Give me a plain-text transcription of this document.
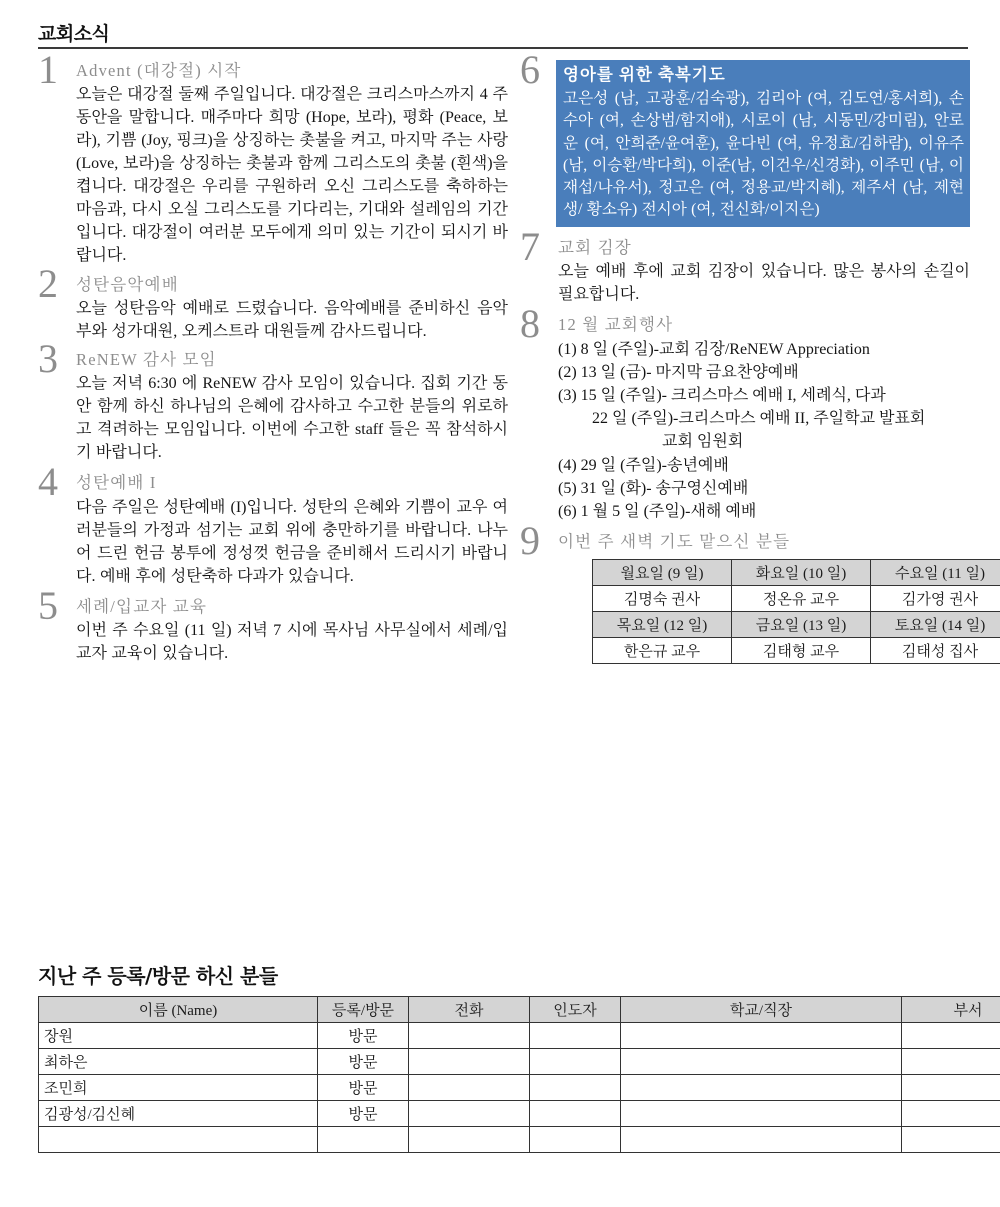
교회소식
1 Advent (대강절) 시작
오늘은 대강절 둘째 주일입니다. 대강절은 크리스마스까지 4 주동안을 말합니다. 매주마다 희망 (Hope, 보라), 평화 (Peace, 보라), 기쁨 (Joy, 핑크)을 상징하는 촛불을 켜고, 마지막 주는 사랑 (Love, 보라)을 상징하는 촛불과 함께 그리스도의 촛불 (흰색)을 켭니다. 대강절은 우리를 구원하러 오신 그리스도를 축하하는 마음과, 다시 오실 그리스도를 기다리는, 기대와 설레임의 기간입니다. 대강절이 여러분 모두에게 의미 있는 기간이 되시기 바랍니다.
2 성탄음악예배
오늘 성탄음악 예배로 드렸습니다. 음악예배를 준비하신 음악부와 성가대원, 오케스트라 대원들께 감사드립니다.
3 ReNEW 감사 모임
오늘 저녁 6:30 에 ReNEW 감사 모임이 있습니다. 집회 기간 동안 함께 하신 하나님의 은혜에 감사하고 수고한 분들의 위로하고 격려하는 모임입니다. 이번에 수고한 staff 들은 꼭 참석하시기 바랍니다.
4 성탄예배 I
다음 주일은 성탄예배 (I)입니다. 성탄의 은혜와 기쁨이 교우 여러분들의 가정과 섬기는 교회 위에 충만하기를 바랍니다. 나누어 드린 헌금 봉투에 정성껏 헌금을 준비해서 드리시기 바랍니다. 예배 후에 성탄축하 다과가 있습니다.
5 세례/입교자 교육
이번 주 수요일 (11 일) 저녁 7 시에 목사님 사무실에서 세례/입교자 교육이 있습니다.
6 영아를 위한 축복기도
고은성 (남, 고광훈/김숙광), 김리아 (여, 김도연/홍서희), 손수아 (여, 손상범/함지애), 시로이 (남, 시동민/강미림), 안로운 (여, 안희준/윤여훈), 윤다빈 (여, 유정효/김하람), 이유주 (남, 이승환/박다희), 이준(남, 이건우/신경화), 이주민 (남, 이재섭/나유서), 정고은 (여, 정용교/박지혜), 제주서 (남, 제현생/ 황소유) 전시아 (여, 전신화/이지은)
7 교회 김장
오늘 예배 후에 교회 김장이 있습니다. 많은 봉사의 손길이 필요합니다.
8 12 월 교회행사
(1) 8 일 (주일)-교회 김장/ReNEW Appreciation
(2) 13 일 (금)- 마지막 금요찬양예배
(3) 15 일 (주일)- 크리스마스 예배 I, 세례식, 다과
22 일 (주일)-크리스마스 예배 II, 주일학교 발표회
교회 임원회
(4) 29 일 (주일)-송년예배
(5) 31 일 (화)- 송구영신예배
(6) 1 월 5 일 (주일)-새해 예배
9 이번 주 새벽 기도 맡으신 분들
월요일 (9 일)	화요일 (10 일)	수요일 (11 일)
김명숙 권사	정온유 교우	김가영 권사
목요일 (12 일)	금요일 (13 일)	토요일 (14 일)
한은규 교우	김태형 교우	김태성 집사
지난 주 등록/방문 하신 분들
이름 (Name)	등록/방문	전화	인도자	학교/직장	부서
장원	방문				
최하은	방문				
조민희	방문				
김광성/김신혜	방문				
